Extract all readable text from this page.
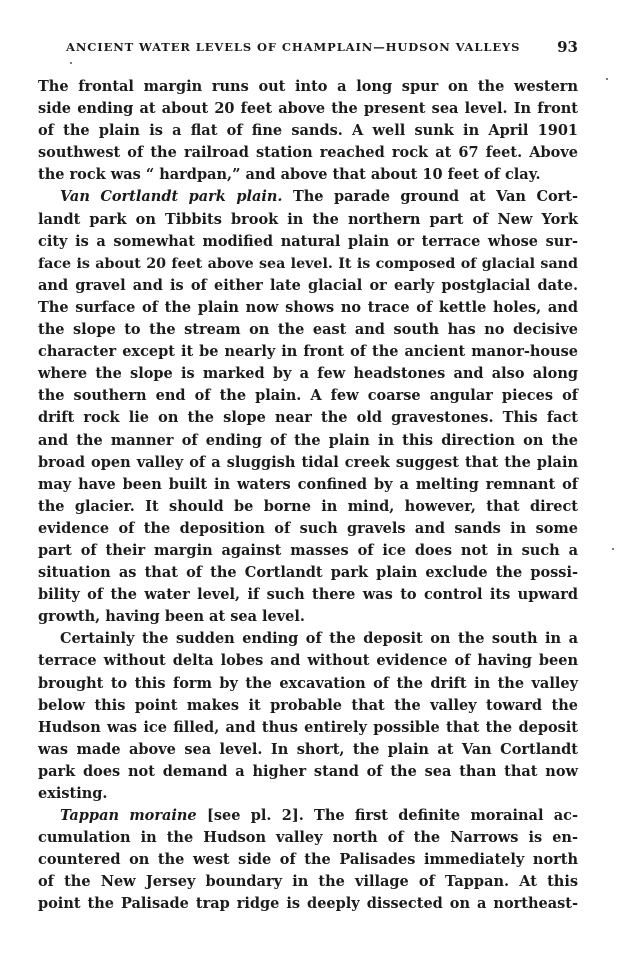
ANCIENT WATER LEVELS OF CHAMPLAIN—HUDSON VALLEYS 93
The frontal margin runs out into a long spur on the western
side ending at about 20 feet above the present sea level. In front
of the plain is a flat of fine sands. A well sunk in April 1901
southwest of the railroad station reached rock at 67 feet. Above
the rock was “ hardpan,” and above that about 10 feet of clay.
Van Cortlandt park plain. The parade ground at Van Cort-
landt park on Tibbits brook in the northern part of New York
city is a somewhat modified natural plain or terrace whose sur-
face is about 20 feet above sea level. It is composed of glacial sand
and gravel and is of either late glacial or early postglacial date.
The surface of the plain now shows no trace of kettle holes, and
the slope to the stream on the east and south has no decisive
character except it be nearly in front of the ancient manor-house
where the slope is marked by a few headstones and also along
the southern end of the plain. A few coarse angular pieces of
drift rock lie on the slope near the old gravestones. This fact
and the manner of ending of the plain in this direction on the
broad open valley of a sluggish tidal creek suggest that the plain
may have been built in waters confined by a melting remnant of
the glacier. It should be borne in mind, however, that direct
evidence of the deposition of such gravels and sands in some
part of their margin against masses of ice does not in such a
situation as that of the Cortlandt park plain exclude the possi-
bility of the water level, if such there was to control its upward
growth, having been at sea level.
Certainly the sudden ending of the deposit on the south in a
terrace without delta lobes and without evidence of having been
brought to this form by the excavation of the drift in the valley
below this point makes it probable that the valley toward the
Hudson was ice filled, and thus entirely possible that the deposit
was made above sea level. In short, the plain at Van Cortlandt
park does not demand a higher stand of the sea than that now
existing.
Tappan moraine [see pl. 2]. The first definite morainal ac-
cumulation in the Hudson valley north of the Narrows is en-
countered on the west side of the Palisades immediately north
of the New Jersey boundary in the village of Tappan. At this
point the Palisade trap ridge is deeply dissected on a northeast-
